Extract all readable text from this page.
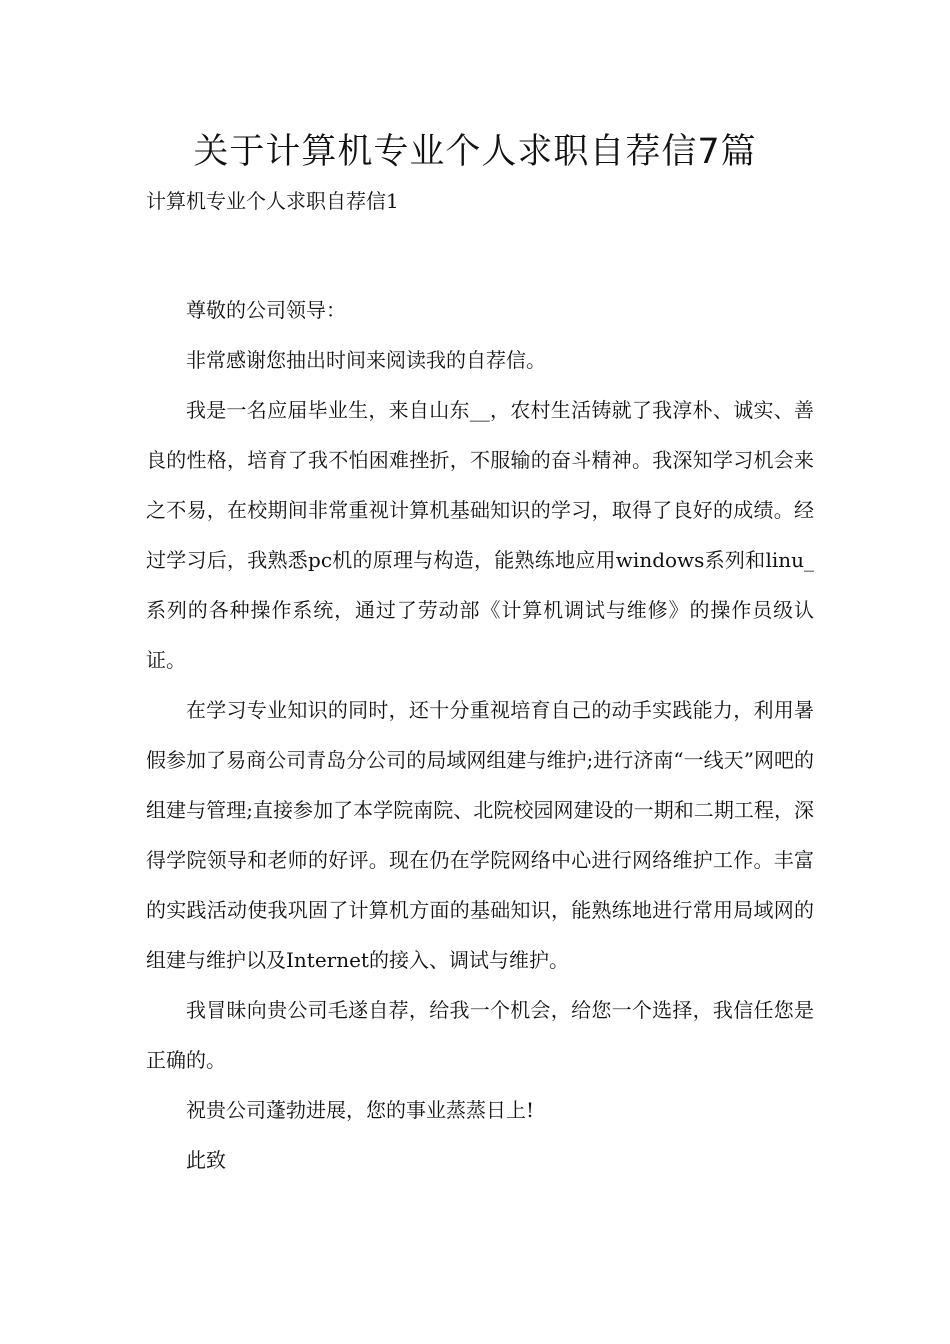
关于计算机专业个人求职自荐信7篇
计算机专业个人求职自荐信1

尊敬的公司领导：

非常感谢您抽出时间来阅读我的自荐信。

我是一名应届毕业生，来自山东__，农村生活铸就了我淳朴、诚实、善良的性格，培育了我不怕困难挫折，不服输的奋斗精神。我深知学习机会来之不易，在校期间非常重视计算机基础知识的学习，取得了良好的成绩。经过学习后，我熟悉pc机的原理与构造，能熟练地应用windows系列和linu_系列的各种操作系统，通过了劳动部《计算机调试与维修》的操作员级认证。

在学习专业知识的同时，还十分重视培育自己的动手实践能力，利用暑假参加了易商公司青岛分公司的局域网组建与维护;进行济南“一线天”网吧的组建与管理;直接参加了本学院南院、北院校园网建设的一期和二期工程，深得学院领导和老师的好评。现在仍在学院网络中心进行网络维护工作。丰富的实践活动使我巩固了计算机方面的基础知识，能熟练地进行常用局域网的组建与维护以及Internet的接入、调试与维护。

我冒昧向贵公司毛遂自荐，给我一个机会，给您一个选择，我信任您是正确的。

祝贵公司蓬勃进展，您的事业蒸蒸日上!

此致
